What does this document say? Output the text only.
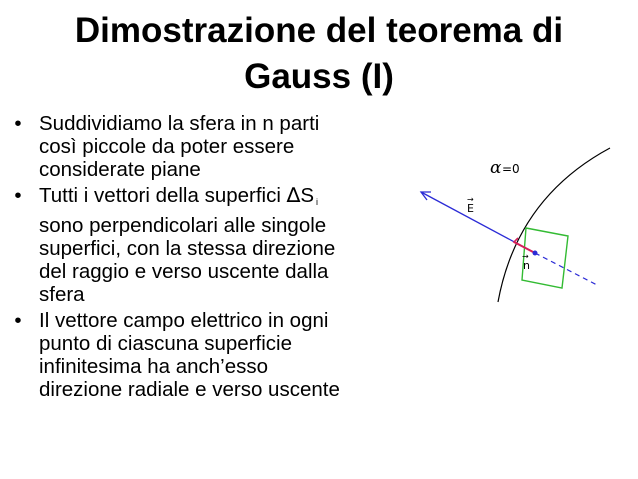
Dimostrazione del teorema di
Gauss (I)
• Suddividiamo la sfera in n parti
così piccole da poter essere
considerate piane
• Tutti i vettori della superfici ∆S $_i$
sono perpendicolari alle singole
superfici, con la stessa direzione
del raggio e verso uscente dalla
sfera
• Il vettore campo elettrico in ogni
punto di ciascuna superficie
infinitesima ha anch’esso
direzione radiale e verso uscente
α =0
→
E
→
n
